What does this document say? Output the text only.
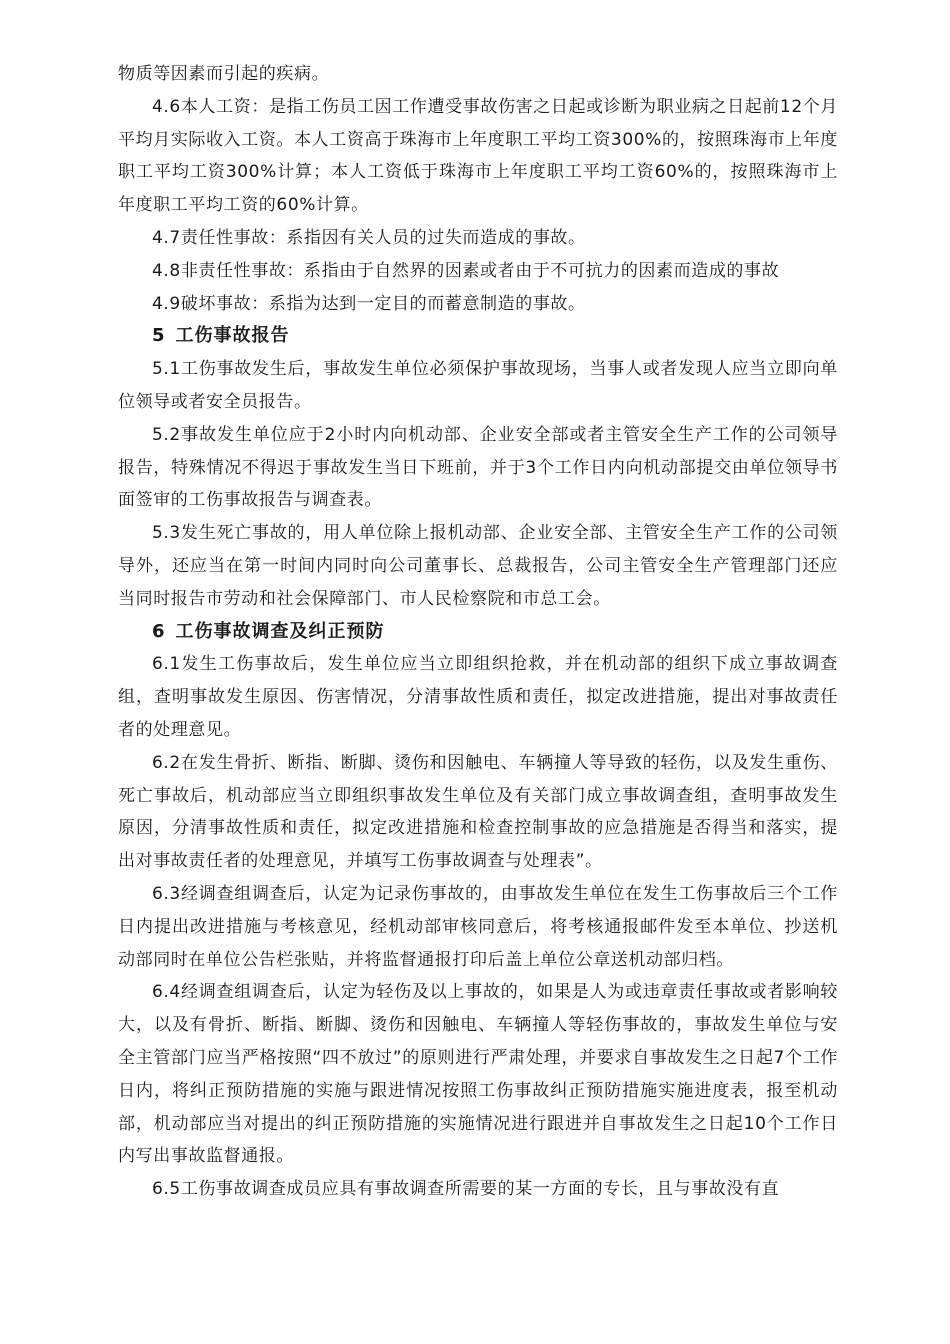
物质等因素而引起的疾病。

4.6本人工资：是指工伤员工因工作遭受事故伤害之日起或诊断为职业病之日起前12个月平均月实际收入工资。本人工资高于珠海市上年度职工平均工资300%的，按照珠海市上年度职工平均工资300%计算；本人工资低于珠海市上年度职工平均工资60%的，按照珠海市上年度职工平均工资的60%计算。

4.7责任性事故：系指因有关人员的过失而造成的事故。

4.8非责任性事故：系指由于自然界的因素或者由于不可抗力的因素而造成的事故

4.9破坏事故：系指为达到一定目的而蓄意制造的事故。

5 工伤事故报告

5.1工伤事故发生后，事故发生单位必须保护事故现场，当事人或者发现人应当立即向单位领导或者安全员报告。

5.2事故发生单位应于2小时内向机动部、企业安全部或者主管安全生产工作的公司领导报告，特殊情况不得迟于事故发生当日下班前，并于3个工作日内向机动部提交由单位领导书面签审的工伤事故报告与调查表。

5.3发生死亡事故的，用人单位除上报机动部、企业安全部、主管安全生产工作的公司领导外，还应当在第一时间内同时向公司董事长、总裁报告，公司主管安全生产管理部门还应当同时报告市劳动和社会保障部门、市人民检察院和市总工会。

6 工伤事故调查及纠正预防

6.1发生工伤事故后，发生单位应当立即组织抢救，并在机动部的组织下成立事故调查组，查明事故发生原因、伤害情况，分清事故性质和责任，拟定改进措施，提出对事故责任者的处理意见。

6.2在发生骨折、断指、断脚、烫伤和因触电、车辆撞人等导致的轻伤，以及发生重伤、死亡事故后，机动部应当立即组织事故发生单位及有关部门成立事故调查组，查明事故发生原因，分清事故性质和责任，拟定改进措施和检查控制事故的应急措施是否得当和落实，提出对事故责任者的处理意见，并填写工伤事故调查与处理表”。

6.3经调查组调查后，认定为记录伤事故的，由事故发生单位在发生工伤事故后三个工作日内提出改进措施与考核意见，经机动部审核同意后，将考核通报邮件发至本单位、抄送机动部同时在单位公告栏张贴，并将监督通报打印后盖上单位公章送机动部归档。

6.4经调查组调查后，认定为轻伤及以上事故的，如果是人为或违章责任事故或者影响较大，以及有骨折、断指、断脚、烫伤和因触电、车辆撞人等轻伤事故的，事故发生单位与安全主管部门应当严格按照“四不放过”的原则进行严肃处理，并要求自事故发生之日起7个工作日内，将纠正预防措施的实施与跟进情况按照工伤事故纠正预防措施实施进度表，报至机动部，机动部应当对提出的纠正预防措施的实施情况进行跟进并自事故发生之日起10个工作日内写出事故监督通报。

6.5工伤事故调查成员应具有事故调查所需要的某一方面的专长，且与事故没有直
